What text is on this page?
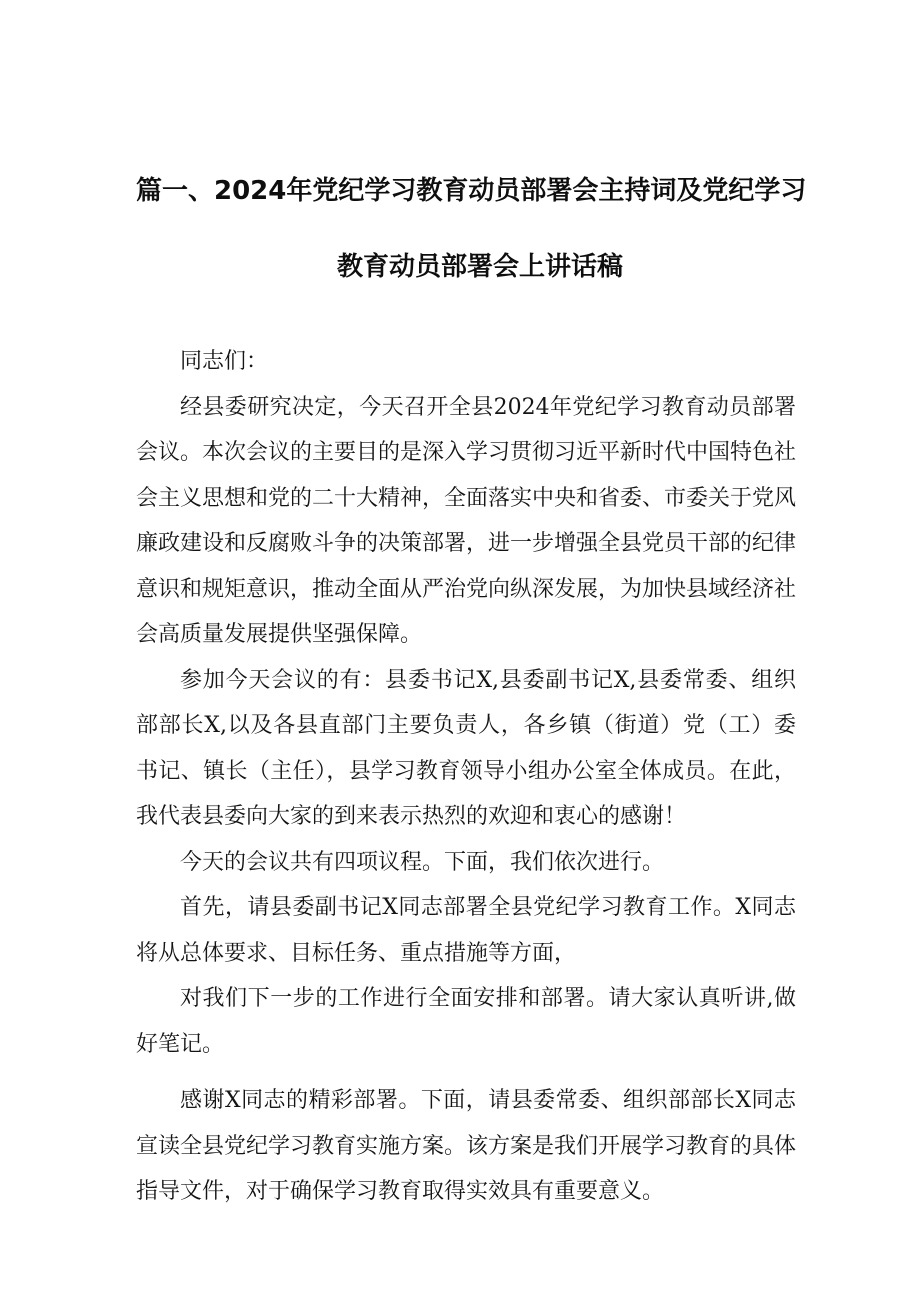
篇一、2024年党纪学习教育动员部署会主持词及党纪学习
教育动员部署会上讲话稿

同志们：

经县委研究决定，今天召开全县2024年党纪学习教育动员部署会议。本次会议的主要目的是深入学习贯彻习近平新时代中国特色社会主义思想和党的二十大精神，全面落实中央和省委、市委关于党风廉政建设和反腐败斗争的决策部署，进一步增强全县党员干部的纪律意识和规矩意识，推动全面从严治党向纵深发展，为加快县域经济社会高质量发展提供坚强保障。

参加今天会议的有：县委书记X,县委副书记X,县委常委、组织部部长X,以及各县直部门主要负责人，各乡镇（街道）党（工）委书记、镇长（主任），县学习教育领导小组办公室全体成员。在此，我代表县委向大家的到来表示热烈的欢迎和衷心的感谢！

今天的会议共有四项议程。下面，我们依次进行。

首先，请县委副书记X同志部署全县党纪学习教育工作。X同志将从总体要求、目标任务、重点措施等方面，

对我们下一步的工作进行全面安排和部署。请大家认真听讲,做好笔记。

感谢X同志的精彩部署。下面，请县委常委、组织部部长X同志宣读全县党纪学习教育实施方案。该方案是我们开展学习教育的具体指导文件，对于确保学习教育取得实效具有重要意义。
